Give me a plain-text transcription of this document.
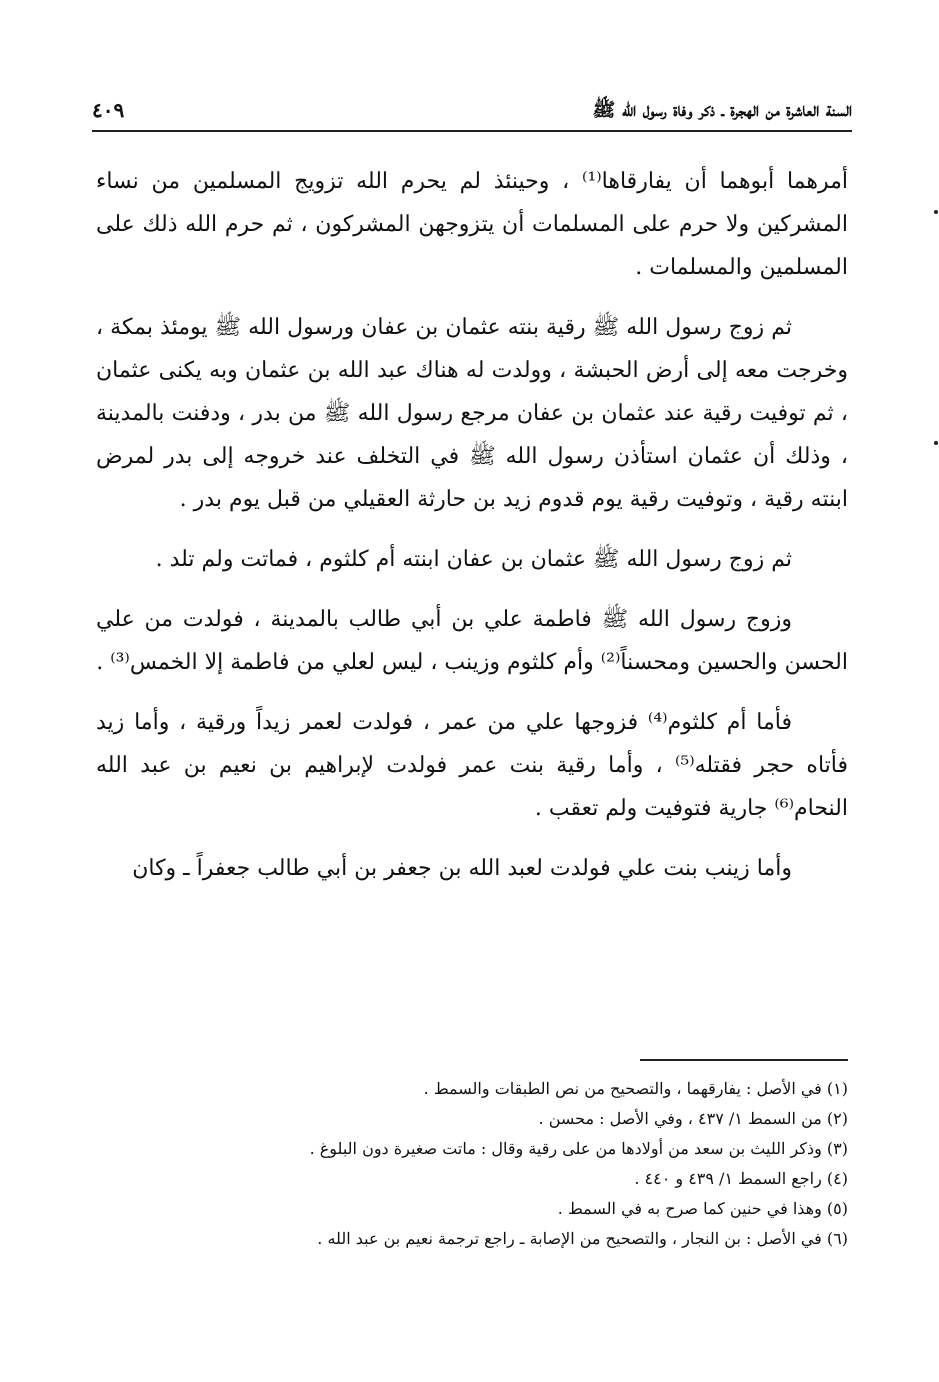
السنة العاشرة من الهجرة ـ ذكر وفاة رسول الله ﷺ
٤٠٩

أمرهما أبوهما أن يفارقاها⁽¹⁾ ، وحينئذ لم يحرم الله تزويج المسلمين من نساء المشركين ولا حرم على المسلمات أن يتزوجهن المشركون ، ثم حرم الله ذلك على المسلمين والمسلمات .

ثم زوج رسول الله ﷺ رقية بنته عثمان بن عفان ورسول الله ﷺ يومئذ بمكة ، وخرجت معه إلى أرض الحبشة ، وولدت له هناك عبد الله بن عثمان وبه يكنى عثمان ، ثم توفيت رقية عند عثمان بن عفان مرجع رسول الله ﷺ من بدر ، ودفنت بالمدينة ، وذلك أن عثمان استأذن رسول الله ﷺ في التخلف عند خروجه إلى بدر لمرض ابنته رقية ، وتوفيت رقية يوم قدوم زيد بن حارثة العقيلي من قبل يوم بدر .

ثم زوج رسول الله ﷺ عثمان بن عفان ابنته أم كلثوم ، فماتت ولم تلد .

وزوج رسول الله ﷺ فاطمة علي بن أبي طالب بالمدينة ، فولدت من علي الحسن والحسين ومحسناً⁽²⁾ وأم كلثوم وزينب ، ليس لعلي من فاطمة إلا الخمس⁽³⁾ .

فأما أم كلثوم⁽⁴⁾ فزوجها علي من عمر ، فولدت لعمر زيداً ورقية ، وأما زيد فأتاه حجر فقتله⁽⁵⁾ ، وأما رقية بنت عمر فولدت لإبراهيم بن نعيم بن عبد الله النحام⁽⁶⁾ جارية فتوفيت ولم تعقب .

وأما زينب بنت علي فولدت لعبد الله بن جعفر بن أبي طالب جعفراً ـ وكان

(١) في الأصل : يفارقهما ، والتصحيح من نص الطبقات والسمط .

(٢) من السمط ١/ ٤٣٧ ، وفي الأصل : محسن .

(٣) وذكر الليث بن سعد من أولادها من على رقية وقال : ماتت صغيرة دون البلوغ .

(٤) راجع السمط ١/ ٤٣٩ و ٤٤٠ .

(٥) وهذا في حنين كما صرح به في السمط .

(٦) في الأصل : بن النجار ، والتصحيح من الإصابة ـ راجع ترجمة نعيم بن عبد الله .
